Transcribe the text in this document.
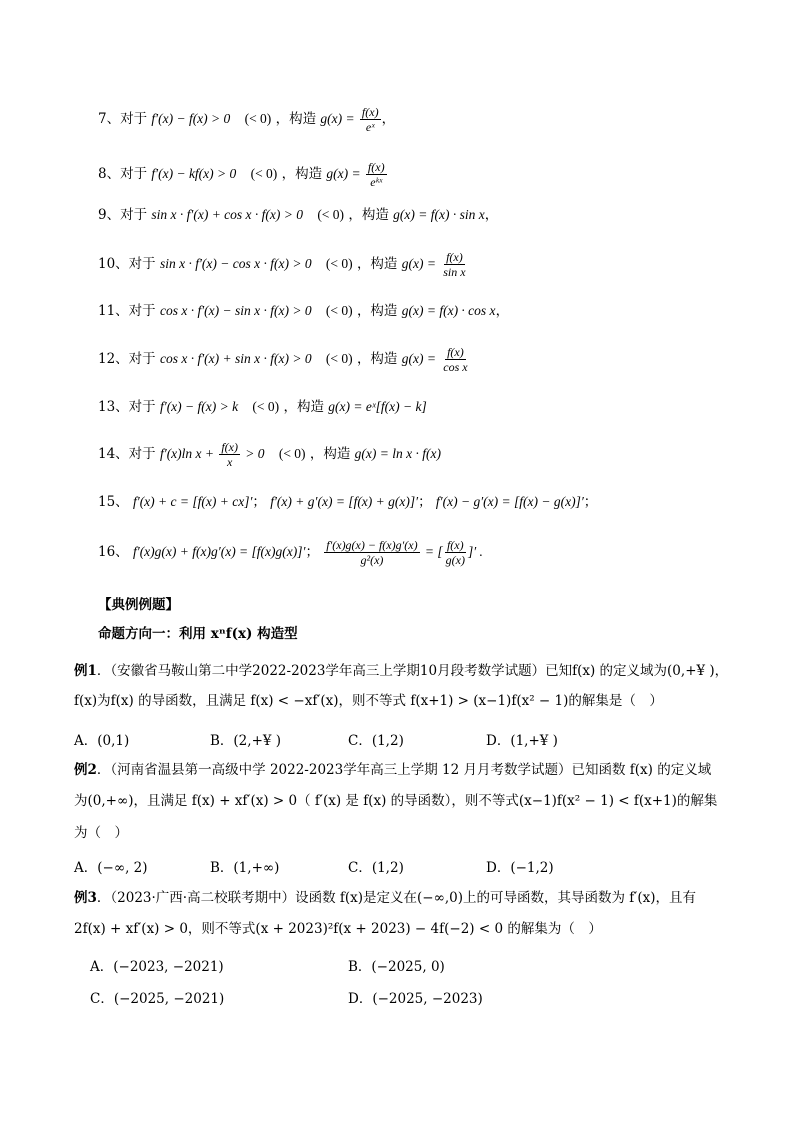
7、对于 f′(x) − f(x) > 0 (< 0) ，构造 $g(x) = \frac{f(x)}{\text{eˣ}}$ ，
8、对于 f′(x) − kf(x) > 0 (< 0) ，构造 g(x) = f(x)
eᵏˣ
9、对于 sin x · f′(x) + cos x · f(x) > 0 (< 0) ，构造 g(x) = f(x) · sin x，
10、对于 sin x · f′(x) − cos x · f(x) > 0 (< 0) ，构造 $g(x) = \frac{f(x)}{\text{sin x}}$
11、对于 cos x · f′(x) − sin x · f(x) > 0 (< 0) ，构造 g(x) = f(x) · cos x，
12、对于 cos x · f′(x) + sin x · f(x) > 0 (< 0) ，构造 $g(x) = \frac{f(x)}{\text{cos x}}$
13、对于 f′(x) − f(x) > k (< 0) ，构造 g(x) = eˣ[f(x) − k]
14、对于 f′(x)ln $x + \frac{f(x)}{x} > 0$ (< 0) ，构造 g(x) = ln x · f(x)
15、 f′(x) + c = [f(x) + cx]′； f′(x) + g′(x) = [f(x) + g(x)]′； f′(x) − g′(x) = [f(x) − g(x)]′；
16、 f′(x)g(x) + f(x)g′(x) = [f(x)g(x)]′； $\frac{f'(x)g(x) - f(x)g'(x)}{\text{g²(x)}}$ = [ $\frac{f(x)}{g(x)}$ ]′ .
【典例例题】
命题方向一：利用 xⁿf(x) 构造型
例1．（安徽省马鞍山第二中学2022-2023学年高三上学期10月段考数学试题）已知f(x) 的定义域为(0,+¥ )，
f(x)为f(x) 的导函数，且满足 f(x) < −xf′(x)，则不等式 f(x+1) > (x−1)f(x² − 1)的解集是（　）
A．(0,1)	B．(2,+¥ )	C．(1,2)	D．(1,+¥ )
例2．（河南省温县第一高级中学 2022-2023学年高三上学期 12 月月考数学试题）已知函数 f(x) 的定义域
为(0,+∞)，且满足 f(x) + xf′(x) > 0（ f′(x) 是 f(x) 的导函数），则不等式(x−1)f(x² − 1) < f(x+1)的解集
为（　）
A．(−∞, 2)	B．(1,+∞)	C．(1,2)	D．(−1,2)
例3．（2023·广西·高二校联考期中）设函数 f(x)是定义在(−∞,0)上的可导函数，其导函数为 f′(x)，且有
2f(x) + xf′(x) > 0，则不等式(x + 2023)²f(x + 2023) − 4f(−2) < 0 的解集为（　）
A．(−2023, −2021)	B．(−2025, 0)
C．(−2025, −2021)	D．(−2025, −2023)
